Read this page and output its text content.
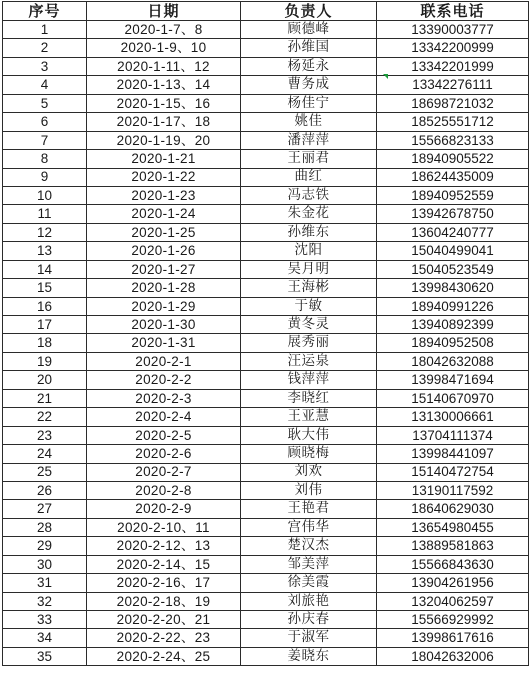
序号	日期	负责人	联系电话
1	2020-1-7、8	顾德峰	13390003777
2	2020-1-9、10	孙维国	13342200999
3	2020-1-11、12	杨延永	13342201999
4	2020-1-13、14	曹务成	13342276111
5	2020-1-15、16	杨佳宁	18698721032
6	2020-1-17、18	姚佳	18525551712
7	2020-1-19、20	潘萍萍	15566823133
8	2020-1-21	王丽君	18940905522
9	2020-1-22	曲红	18624435009
10	2020-1-23	冯志铁	18940952559
11	2020-1-24	朱金花	13942678750
12	2020-1-25	孙维东	13604240777
13	2020-1-26	沈阳	15040499041
14	2020-1-27	吴月明	15040523549
15	2020-1-28	王海彬	13998430620
16	2020-1-29	于敏	18940991226
17	2020-1-30	黄冬灵	13940892399
18	2020-1-31	展秀丽	18940952508
19	2020-2-1	汪运泉	18042632088
20	2020-2-2	钱萍萍	13998471694
21	2020-2-3	李晓红	15140670970
22	2020-2-4	王亚慧	13130006661
23	2020-2-5	耿大伟	13704111374
24	2020-2-6	顾晓梅	13998441097
25	2020-2-7	刘欢	15140472754
26	2020-2-8	刘伟	13190117592
27	2020-2-9	王艳君	18640629030
28	2020-2-10、11	宫伟华	13654980455
29	2020-2-12、13	楚汉杰	13889581863
30	2020-2-14、15	邹美萍	15566843630
31	2020-2-16、17	徐美霞	13904261956
32	2020-2-18、19	刘旅艳	13204062597
33	2020-2-20、21	孙庆春	15566929992
34	2020-2-22、23	于淑军	13998617616
35	2020-2-24、25	姜晓东	18042632006
